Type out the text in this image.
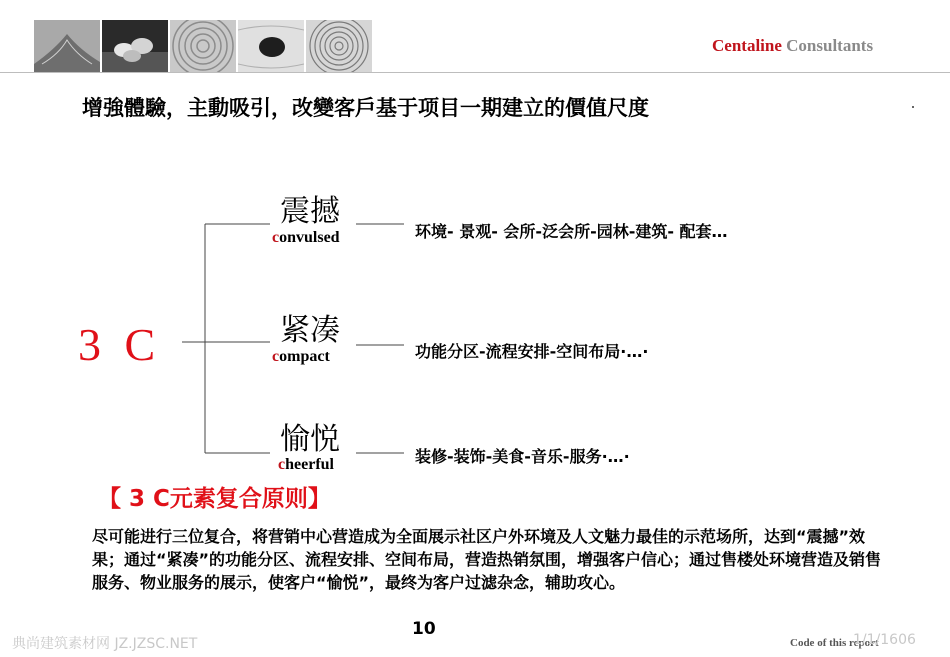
Centaline Consultants
增強體驗，主動吸引，改變客戶基于项目一期建立的價值尺度
3 C
震撼
convulsed	环境- 景观- 会所-泛会所-园林-建筑- 配套…
紧凑
compact	功能分区-流程安排-空间布局·…·
愉悦
cheerful	装修-装饰-美食-音乐-服务·…·
【 3 C元素复合原则】
尽可能进行三位复合，将营销中心营造成为全面展示社区户外环境及人文魅力最佳的示范场所，达到“震撼”效果；通过“紧凑”的功能分区、流程安排、空间布局，营造热销氛围，增强客户信心；通过售楼处环境营造及销售服务、物业服务的展示，使客户“愉悦”，最终为客户过滤杂念，辅助攻心。
10
典尚建筑素材网 JZ.JZSC.NET	Code of this report
1/1/1606
